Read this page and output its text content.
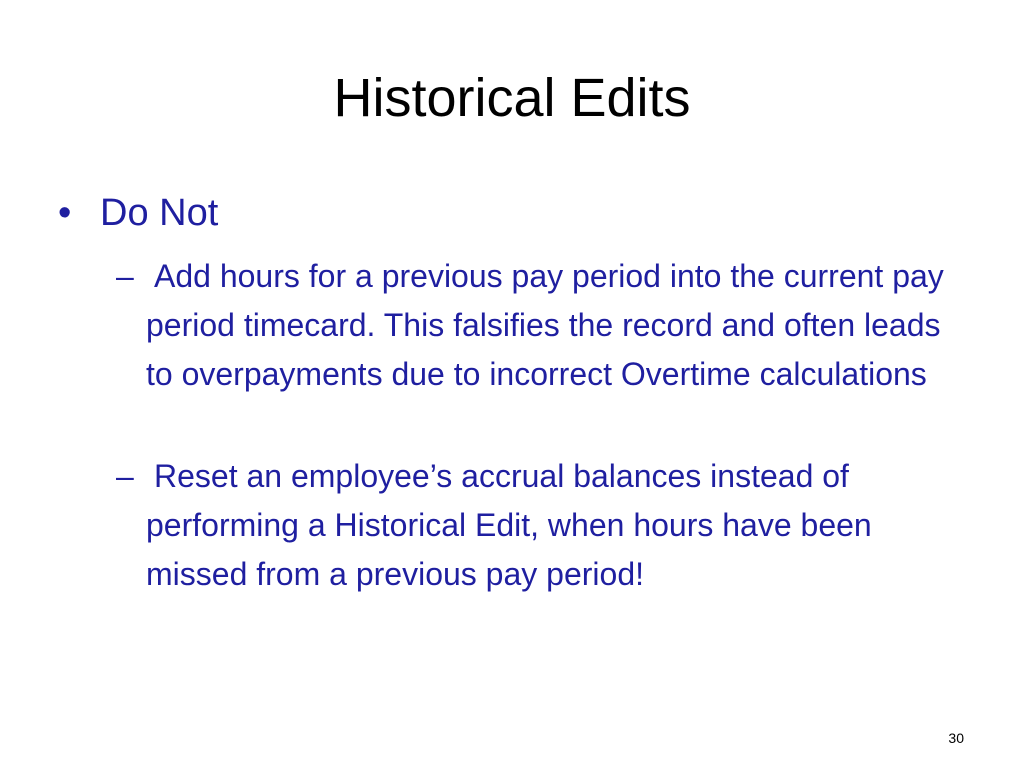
Historical Edits
• Do Not
– Add hours for a previous pay period into the current pay period timecard. This falsifies the record and often leads to overpayments due to incorrect Overtime calculations
– Reset an employee’s accrual balances instead of performing a Historical Edit, when hours have been missed from a previous pay period!
30
